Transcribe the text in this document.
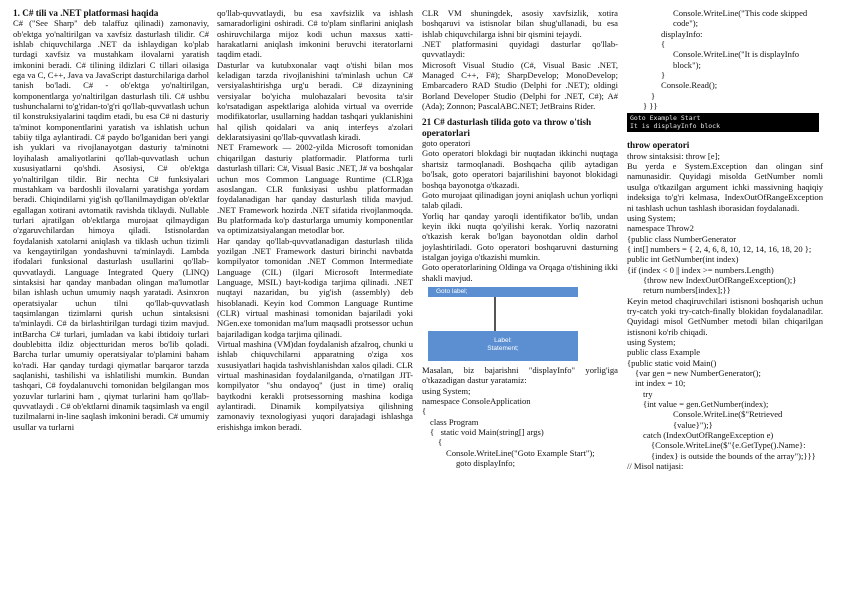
1. C# tili va .NET platformasi haqida

C# ("See Sharp" deb talaffuz qilinadi) zamonaviy, ob'ektga yo'naltirilgan va xavfsiz dasturlash tilidir. C# ishlab chiquvchilarga .NET da ishlaydigan ko'plab turdagi xavfsiz va mustahkam ilovalarni yaratish imkonini beradi. C# tilining ildizlari C tillari oilasiga ega va C, C++, Java va JavaScript dasturchilariga darhol tanish bo'ladi. C# - ob'ektga yo'naltirilgan, komponentlarga yo'naltirilgan dasturlash tili. C# ushbu tushunchalarni to'g'ridan-to'g'ri qo'llab-quvvatlash uchun til konstruksiyalarini taqdim etadi, bu esa C# ni dasturiy ta'minot komponentlarini yaratish va ishlatish uchun tabiiy tilga aylantiradi. C# paydo bo'lganidan beri yangi ish yuklari va rivojlanayotgan dasturiy ta'minotni loyihalash amaliyotlarini qo'llab-quvvatlash uchun xususiyatlarni qo'shdi. Asosiysi, C# ob'ektga yo'naltirilgan tildir. Bir nechta C# funksiyalari mustahkam va bardoshli ilovalarni yaratishga yordam beradi. Chiqindilarni yig'ish qo'llanilmaydigan ob'ektlar egallagan xotirani avtomatik ravishda tiklaydi. Nullable turlari ajratilgan ob'ektlarga murojaat qilmaydigan o'zgaruvchilardan himoya qiladi. Istisnolardan foydalanish xatolarni aniqlash va tiklash uchun tizimli va kengaytirilgan yondashuvni ta'minlaydi. Lambda ifodalari funksional dasturlash usullarini qo'llab-quvvatlaydi. Language Integrated Query (LINQ) sintaksisi har qanday manbadan olingan ma'lumotlar bilan ishlash uchun umumiy naqsh yaratadi. Asinxron operatsiyalar uchun tilni qo'llab-quvvatlash taqsimlangan tizimlarni qurish uchun sintaksisni ta'minlaydi. C# da birlashtirilgan turdagi tizim mavjud. intBarcha C# turlari, jumladan va kabi ibtidoiy turlari doublebitta ildiz objectturidan meros bo'lib qoladi. Barcha turlar umumiy operatsiyalar to'plamini baham ko'radi. Har qanday turdagi qiymatlar barqaror tarzda saqlanishi, tashilishi va ishlatilishi mumkin. Bundan tashqari, C# foydalanuvchi tomonidan belgilangan mos yozuvlar turlarini ham , qiymat turlarini ham qo'llab-quvvatlaydi . C# ob'ektlarni dinamik taqsimlash va engil tuzilmalarni in-line saqlash imkonini beradi. C# umumiy usullar va turlarni

qo'llab-quvvatlaydi, bu esa xavfsizlik va ishlash samaradorligini oshiradi. C# to'plam sinflarini aniqlash oshiruvchilarga mijoz kodi uchun maxsus xatti-harakatlarni aniqlash imkonini beruvchi iteratorlarni taqdim etadi.

Dasturlar va kutubxonalar vaqt o'tishi bilan mos keladigan tarzda rivojlanishini ta'minlash uchun C# versiyalashtirishga urg'u beradi. C# dizaynining versiyalar bo'yicha mulohazalari bevosita ta'sir ko'rsatadigan aspektlariga alohida virtual va override modifikatorlar, usullarning haddan tashqari yuklanishini hal qilish qoidalari va aniq interfeys a'zolari deklaratsiyasini qo'llab-quvvatlash kiradi.

NET Framework — 2002-yilda Microsoft tomonidan chiqarilgan dasturiy platformadir. Platforma turli dasturlash tillari: C#, Visual Basic .NET, J# va boshqalar uchun mos Common Language Runtime (CLR)ga asoslangan. CLR funksiyasi ushbu platformadan foydalanadigan har qanday dasturlash tilida mavjud. .NET Framework hozirda .NET sifatida rivojlanmoqda. Bu platformada ko'p dasturlarga umumiy komponentlar va optimizatsiyalangan metodlar bor.

Har qanday qo'llab-quvvatlanadigan dasturlash tilida yozilgan .NET Framework dasturi birinchi navbatda kompilyator tomonidan .NET Common Intermediate Language (CIL) (ilgari Microsoft Intermediate Language, MSIL) bayt-kodiga tarjima qilinadi. .NET nuqtayi nazaridan, bu yig'ish (assembly) deb hisoblanadi. Keyin kod Common Language Runtime (CLR) virtual mashinasi tomonidan bajariladi yoki NGen.exe tomonidan ma'lum maqsadli protsessor uchun bajariladigan kodga tarjima qilinadi.

Virtual mashina (VM)dan foydalanish afzalroq, chunki u ishlab chiquvchilarni apparatning o'ziga xos xususiyatlari haqida tashvishlanishdan xalos qiladi. CLR virtual mashinasidan foydalanilganda, o'rnatilgan JIT-kompilyator "shu ondayoq" (just in time) oraliq baytkodni kerakli protsessorning mashina kodiga aylantiradi. Dinamik kompilyatsiya qilishning zamonaviy texnologiyasi yuqori darajadagi ishlashga erishishga imkon beradi.

CLR VM shuningdek, asosiy xavfsizlik, xotira boshqaruvi va istisnolar bilan shug'ullanadi, bu esa ishlab chiquvchilarga ishni bir qismini tejaydi.

.NET platformasini quyidagi dasturlar qo'llab-quvvatlaydi:

Microsoft Visual Studio (C#, Visual Basic .NET, Managed C++, F#); SharpDevelop; MonoDevelop; Embarcadero RAD Studio (Delphi for .NET); oldingi Borland Developer Studio (Delphi for .NET, C#); A# (Ada); Zonnon; PascalABC.NET; JetBrains Rider.

21 C# dasturlash tilida goto va throw o'tish operatorlari

goto operatori

Goto operatori blokdagi bir nuqtadan ikkinchi nuqtaga shartsiz tarmoqlanadi. Boshqacha qilib aytadigan bo'lsak, goto operatori bajarilishini bayonot blokidagi boshqa bayonotga o'tkazadi.

Goto murojaat qilinadigan joyni aniqlash uchun yorliqni talab qiladi.

Yorliq har qanday yaroqli identifikator bo'lib, undan keyin ikki nuqta qo'yilishi kerak. Yorliq nazoratni o'tkazish kerak bo'lgan bayonotdan oldin darhol joylashtiriladi. Goto operatori boshqaruvni dasturning istalgan joyiga o'tkazishi mumkin.

Goto operatorlarining Oldinga va Orqaga o'tishining ikki shakli mavjud.

Goto label;
Label:
Statement;

Masalan, biz bajarishni "displayInfo" yorlig'iga o'tkazadigan dastur yaratamiz:

using System;
namespace ConsoleApplication
{
class Program
{   static void Main(string[] args)
{
Console.WriteLine("Goto Example Start");
goto displayInfo;
Console.WriteLine("This code skipped code");
displayInfo:
{
Console.WriteLine("It is displayInfo block");
}
Console.Read();
}
} }}
Goto Example Start
It is displayInfo block

throw operatori

throw sintaksisi: throw [e];

Bu yerda e System.Exception dan olingan sinf namunasidir. Quyidagi misolda GetNumber nomli usulga o'tkazilgan argument ichki massivning haqiqiy indeksiga to'g'ri kelmasa, IndexOutOfRangeException ni tashlash uchun tashlash iborasidan foydalanadi.

using System;
namespace Throw2
{public class NumberGenerator
{ int[] numbers = { 2, 4, 6, 8, 10, 12, 14, 16, 18, 20 };
public int GetNumber(int index)
{if (index < 0 || index >= numbers.Length)
{throw new IndexOutOfRangeException();}
return numbers[index];}}

Keyin metod chaqiruvchilari istisnoni boshqarish uchun try-catch yoki try-catch-finally blokidan foydalanadilar. Quyidagi misol GetNumber metodi bilan chiqarilgan istisnoni ko'rib chiqadi.

using System;
public class Example
{public static void Main()
{var gen = new NumberGenerator();
int index = 10;
try
{int value = gen.GetNumber(index);
Console.WriteLine($"Retrieved {value}");}
catch (IndexOutOfRangeException e)
{Console.WriteLine($"{e.GetType().Name}: {index} is outside the bounds of the array");}}}
// Misol natijasi:
